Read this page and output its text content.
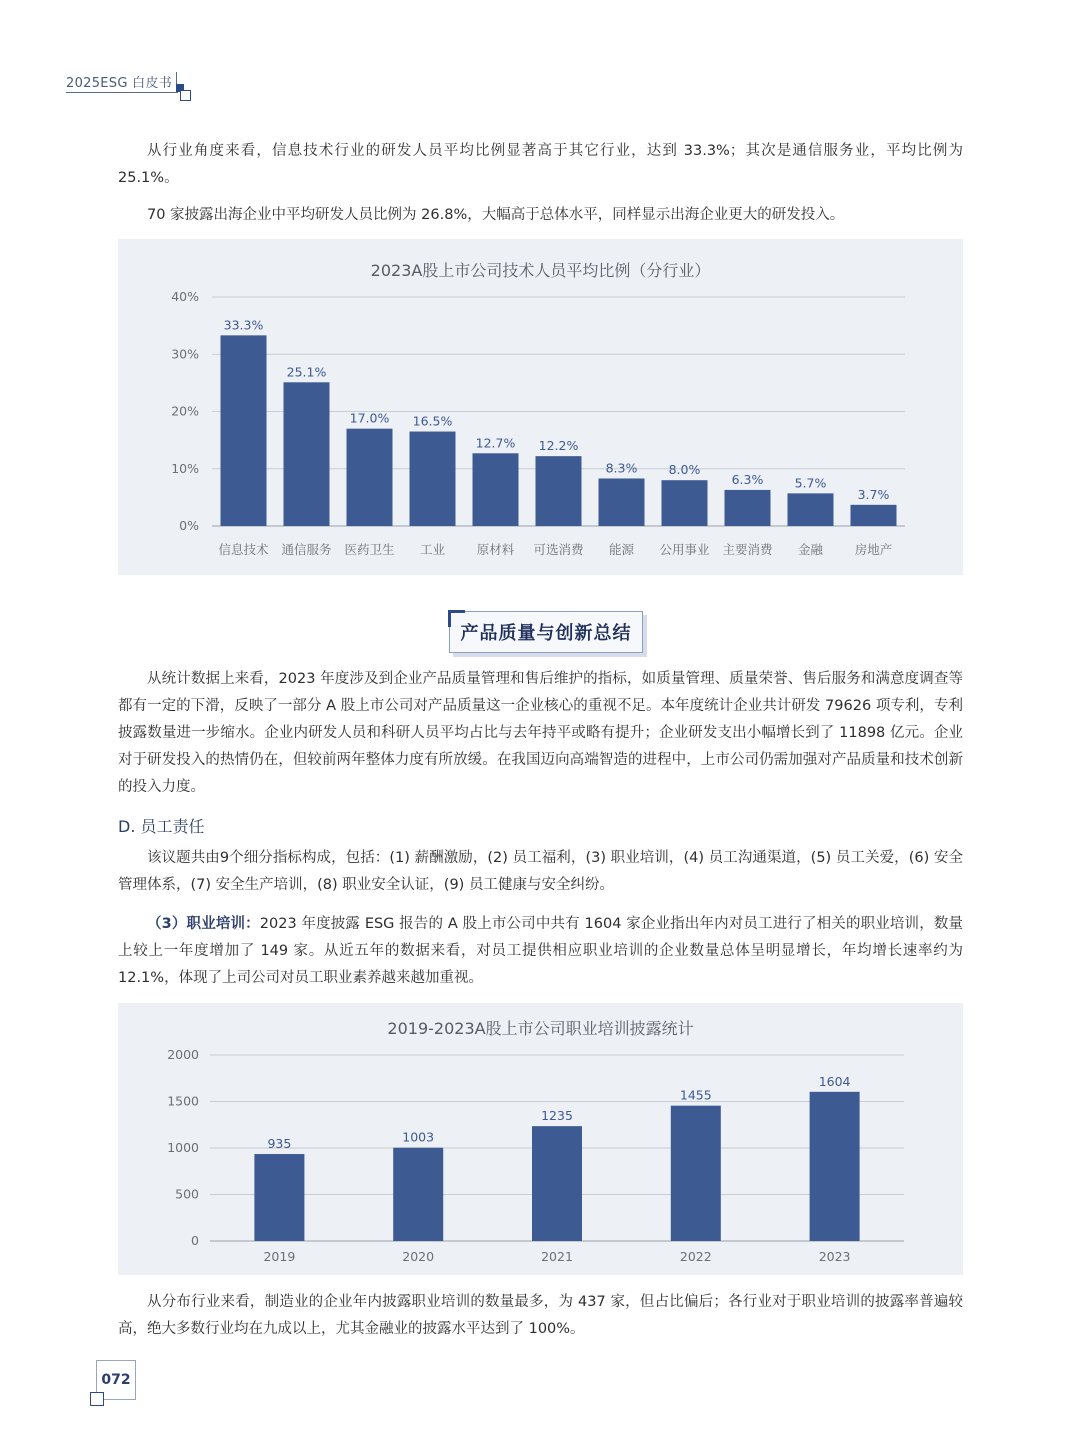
2025ESG 白皮书

从行业角度来看，信息技术行业的研发人员平均比例显著高于其它行业，达到 33.3%；其次是通信服务业，平均比例为 25.1%。

70 家披露出海企业中平均研发人员比例为 26.8%，大幅高于总体水平，同样显示出海企业更大的研发投入。

2023A股上市公司技术人员平均比例（分行业）
0%
10%
20%
30%
40%
33.3%
信息技术
25.1%
通信服务
17.0%
医药卫生
16.5%
工业
12.7%
原材料
12.2%
可选消费
8.3%
能源
8.0%
公用事业
6.3%
主要消费
5.7%
金融
3.7%
房地产
产品质量与创新总结

从统计数据上来看，2023 年度涉及到企业产品质量管理和售后维护的指标，如质量管理、质量荣誉、售后服务和满意度调查等都有一定的下滑，反映了一部分 A 股上市公司对产品质量这一企业核心的重视不足。本年度统计企业共计研发 79626 项专利，专利披露数量进一步缩水。企业内研发人员和科研人员平均占比与去年持平或略有提升；企业研发支出小幅增长到了 11898 亿元。企业对于研发投入的热情仍在，但较前两年整体力度有所放缓。在我国迈向高端智造的进程中，上市公司仍需加强对产品质量和技术创新的投入力度。

D. 员工责任

该议题共由9个细分指标构成，包括：(1) 薪酬激励，(2) 员工福利，(3) 职业培训，(4) 员工沟通渠道，(5) 员工关爱，(6) 安全管理体系，(7) 安全生产培训，(8) 职业安全认证，(9) 员工健康与安全纠纷。

（3）职业培训：2023 年度披露 ESG 报告的 A 股上市公司中共有 1604 家企业指出年内对员工进行了相关的职业培训，数量上较上一年度增加了 149 家。从近五年的数据来看，对员工提供相应职业培训的企业数量总体呈明显增长，年均增长速率约为 12.1%，体现了上司公司对员工职业素养越来越加重视。

2019-2023A股上市公司职业培训披露统计
0
500
1000
1500
2000
935
2019
1003
2020
1235
2021
1455
2022
1604
2023

从分布行业来看，制造业的企业年内披露职业培训的数量最多，为 437 家，但占比偏后；各行业对于职业培训的披露率普遍较高，绝大多数行业均在九成以上，尤其金融业的披露水平达到了 100%。

072
